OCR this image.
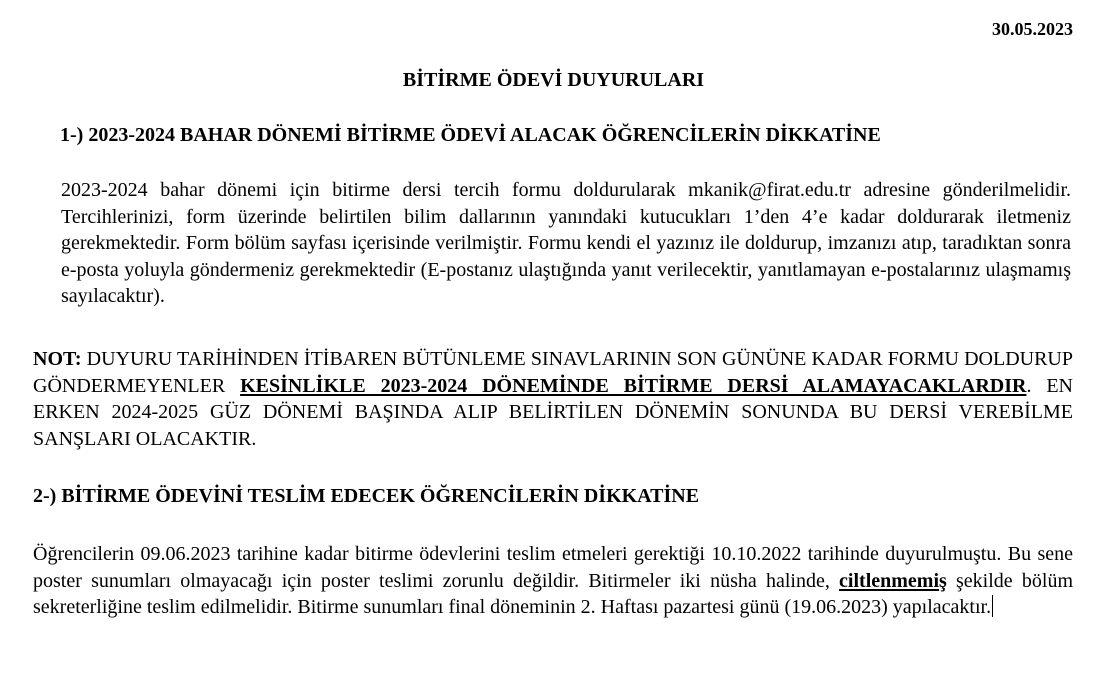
30.05.2023
BİTİRME ÖDEVİ DUYURULARI
1-) 2023-2024 BAHAR DÖNEMİ BİTİRME ÖDEVİ ALACAK ÖĞRENCİLERİN DİKKATİNE
2023-2024 bahar dönemi için bitirme dersi tercih formu doldurularak mkanik@firat.edu.tr adresine gönderilmelidir. Tercihlerinizi, form üzerinde belirtilen bilim dallarının yanındaki kutucukları 1’den 4’e kadar doldurarak iletmeniz gerekmektedir. Form bölüm sayfası içerisinde verilmiştir. Formu kendi el yazınız ile doldurup, imzanızı atıp, taradıktan sonra e-posta yoluyla göndermeniz gerekmektedir (E-postanız ulaştığında yanıt verilecektir, yanıtlamayan e-postalarınız ulaşmamış sayılacaktır).
NOT: DUYURU TARİHİNDEN İTİBAREN BÜTÜNLEME SINAVLARININ SON GÜNÜNE KADAR FORMU DOLDURUP GÖNDERMEYENLER KESİNLİKLE 2023-2024 DÖNEMİNDE BİTİRME DERSİ ALAMAYACAKLARDIR. EN ERKEN 2024-2025 GÜZ DÖNEMİ BAŞINDA ALIP BELİRTİLEN DÖNEMİN SONUNDA BU DERSİ VEREBİLME SANŞLARI OLACAKTIR.
2-) BİTİRME ÖDEVİNİ TESLİM EDECEK ÖĞRENCİLERİN DİKKATİNE
Öğrencilerin 09.06.2023 tarihine kadar bitirme ödevlerini teslim etmeleri gerektiği 10.10.2022 tarihinde duyurulmuştu. Bu sene poster sunumları olmayacağı için poster teslimi zorunlu değildir. Bitirmeler iki nüsha halinde, ciltlenmemiş şekilde bölüm sekreterliğine teslim edilmelidir. Bitirme sunumları final döneminin 2. Haftası pazartesi günü (19.06.2023) yapılacaktır.
